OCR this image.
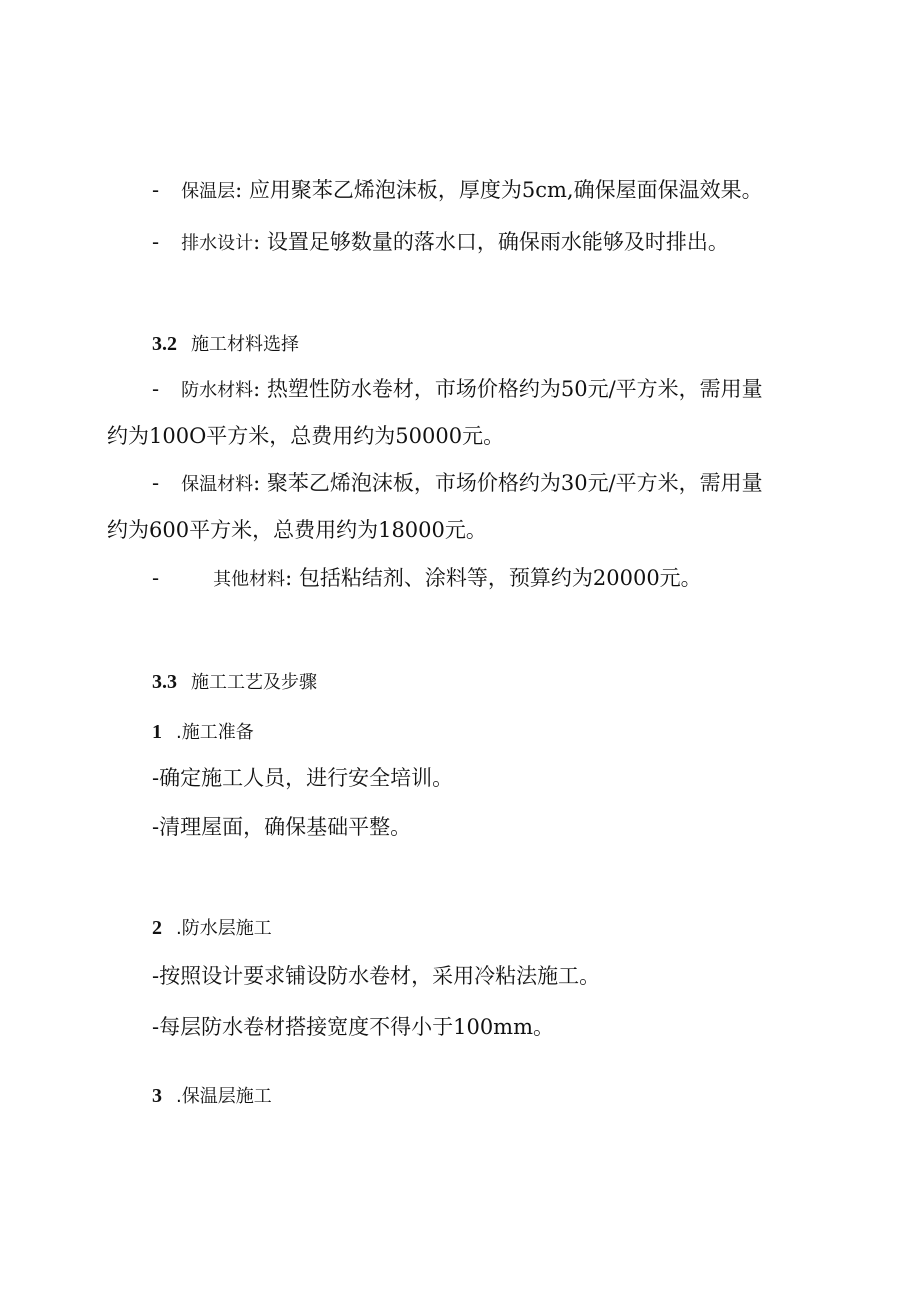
- 保温层: 应用聚苯乙烯泡沫板，厚度为5cm,确保屋面保温效果。
- 排水设计: 设置足够数量的落水口，确保雨水能够及时排出。
3.2 施工材料选择
- 防水材料: 热塑性防水卷材，市场价格约为50元/平方米，需用量
约为100O平方米，总费用约为50000元。
- 保温材料: 聚苯乙烯泡沫板，市场价格约为30元/平方米，需用量
约为600平方米，总费用约为18000元。
-	其他材料: 包括粘结剂、涂料等，预算约为20000元。
3.3 施工工艺及步骤
1 .施工准备
-确定施工人员，进行安全培训。
-清理屋面，确保基础平整。
2 .防水层施工
-按照设计要求铺设防水卷材，采用冷粘法施工。
-每层防水卷材搭接宽度不得小于100mm。
3 .保温层施工
